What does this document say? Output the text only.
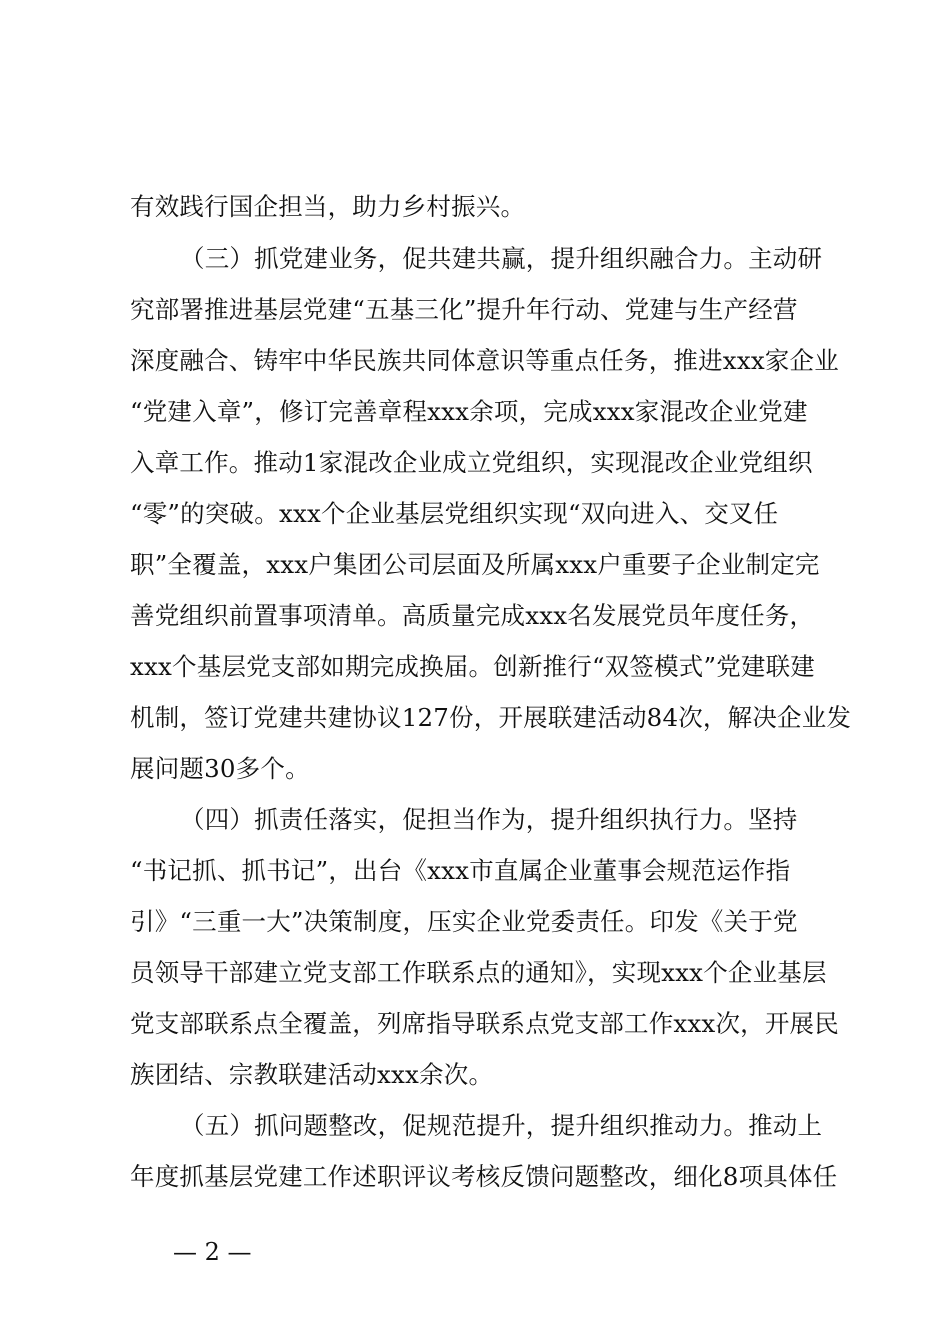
有效践行国企担当，助力乡村振兴。
（三）抓党建业务，促共建共赢，提升组织融合力。主动研
究部署推进基层党建“五基三化”提升年行动、党建与生产经营
深度融合、铸牢中华民族共同体意识等重点任务，推进xxx家企业
“党建入章”，修订完善章程xxx余项，完成xxx家混改企业党建
入章工作。推动1家混改企业成立党组织，实现混改企业党组织
“零”的突破。xxx个企业基层党组织实现“双向进入、交叉任
职”全覆盖，xxx户集团公司层面及所属xxx户重要子企业制定完
善党组织前置事项清单。高质量完成xxx名发展党员年度任务，
xxx个基层党支部如期完成换届。创新推行“双签模式”党建联建
机制，签订党建共建协议127份，开展联建活动84次，解决企业发
展问题30多个。
（四）抓责任落实，促担当作为，提升组织执行力。坚持
“书记抓、抓书记”，出台《xxx市直属企业董事会规范运作指
引》“三重一大”决策制度，压实企业党委责任。印发《关于党
员领导干部建立党支部工作联系点的通知》，实现xxx个企业基层
党支部联系点全覆盖，列席指导联系点党支部工作xxx次，开展民
族团结、宗教联建活动xxx余次。
（五）抓问题整改，促规范提升，提升组织推动力。推动上
年度抓基层党建工作述职评议考核反馈问题整改，细化8项具体任
— 2 —
